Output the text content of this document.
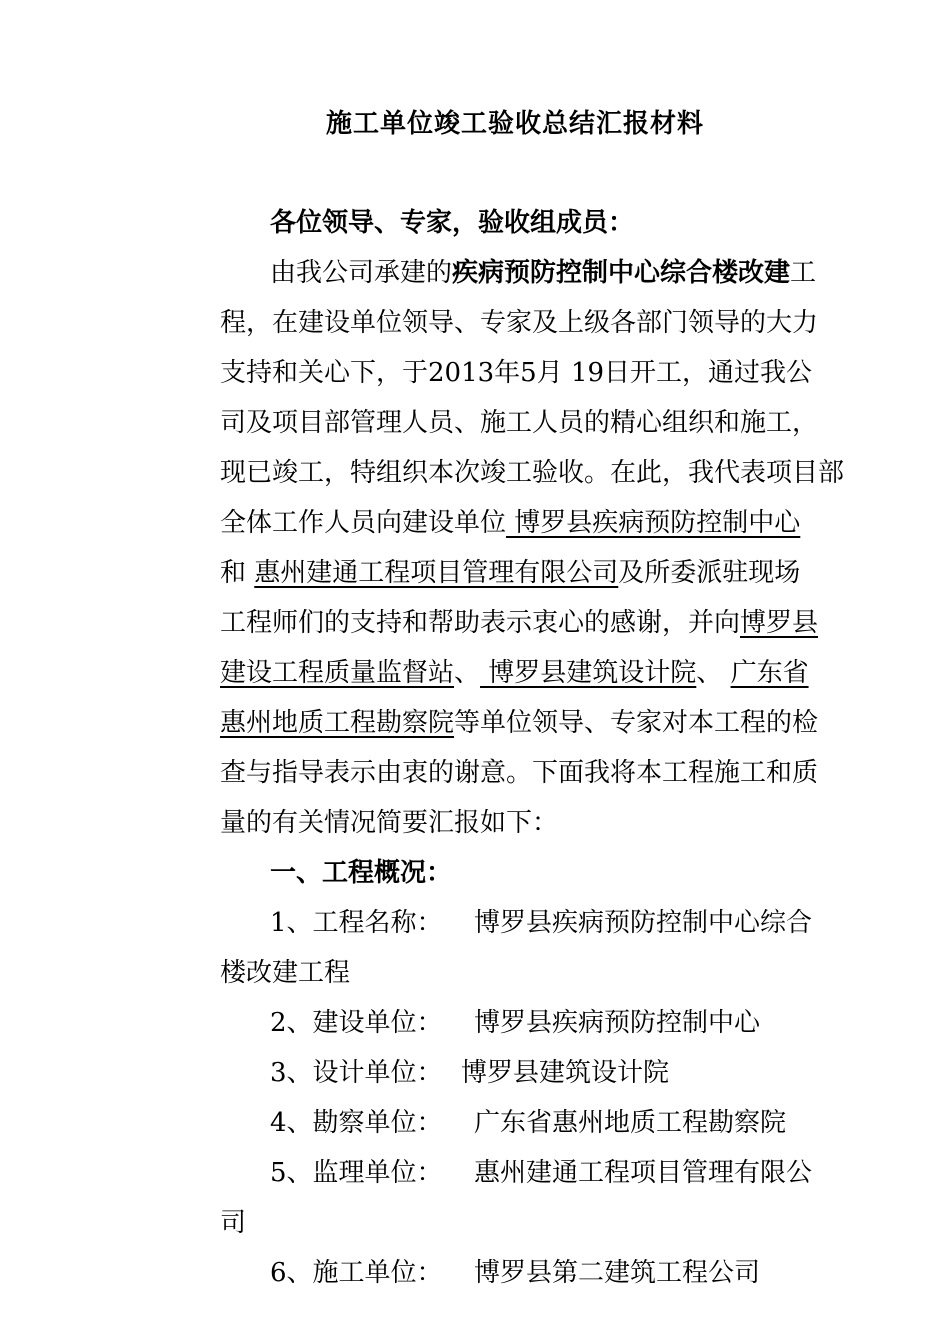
施工单位竣工验收总结汇报材料
各位领导、专家，验收组成员：
由我公司承建的疾病预防控制中心综合楼改建工
程，在建设单位领导、专家及上级各部门领导的大力
支持和关心下，于2013年5月 19日开工，通过我公
司及项目部管理人员、施工人员的精心组织和施工，
现已竣工，特组织本次竣工验收。在此，我代表项目部
全体工作人员向建设单位 博罗县疾病预防控制中心
和 惠州建通工程项目管理有限公司及所委派驻现场
工程师们的支持和帮助表示衷心的感谢，并向博罗县
建设工程质量监督站、 博罗县建筑设计院、 广东省
惠州地质工程勘察院等单位领导、专家对本工程的检
查与指导表示由衷的谢意。下面我将本工程施工和质
量的有关情况简要汇报如下：
一、工程概况：
1、工程名称： 博罗县疾病预防控制中心综合
楼改建工程
2、建设单位： 博罗县疾病预防控制中心
3、设计单位： 博罗县建筑设计院
4、勘察单位： 广东省惠州地质工程勘察院
5、监理单位： 惠州建通工程项目管理有限公
司
6、施工单位： 博罗县第二建筑工程公司
